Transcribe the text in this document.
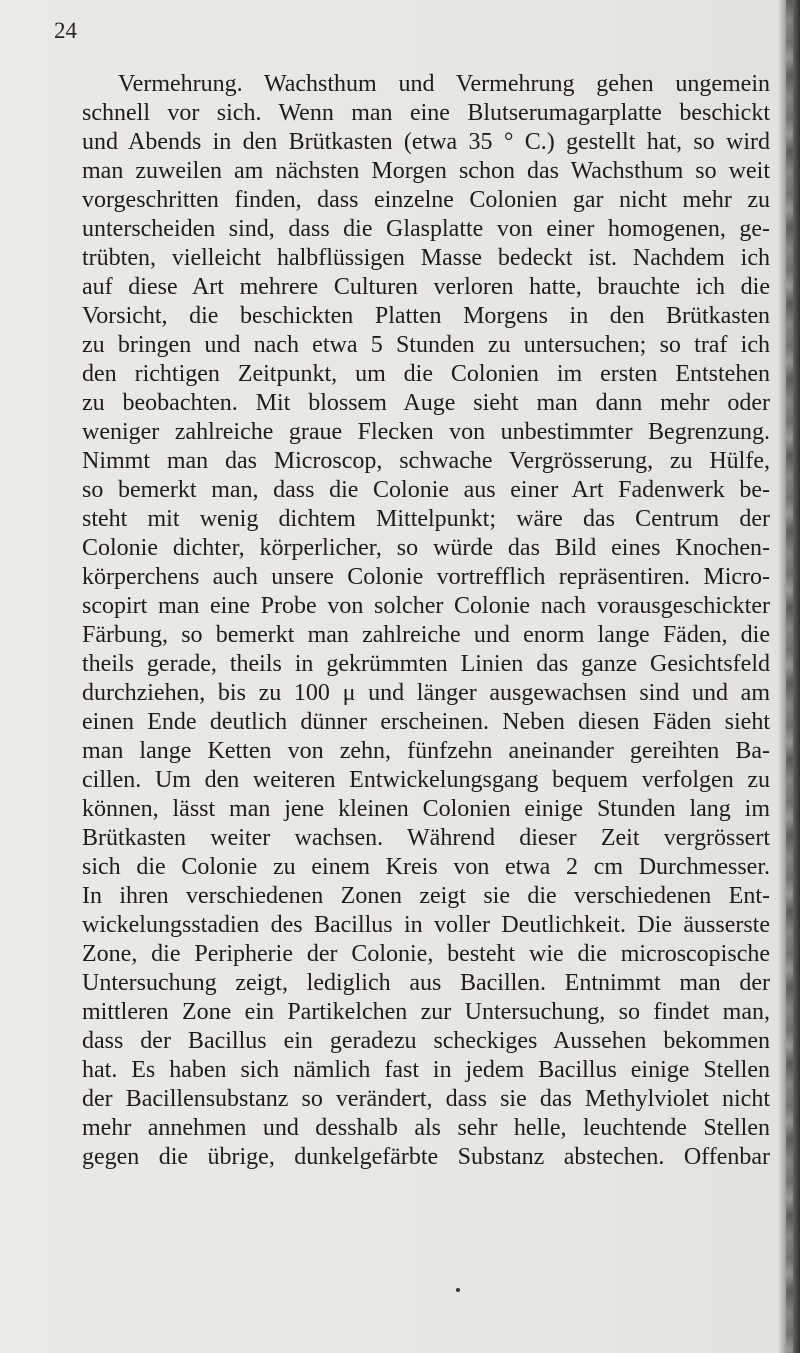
24
Vermehrung. Wachsthum und Vermehrung gehen ungemein
schnell vor sich. Wenn man eine Blutserumagarplatte beschickt
und Abends in den Brütkasten (etwa 35 ° C.) gestellt hat, so wird
man zuweilen am nächsten Morgen schon das Wachsthum so weit
vorgeschritten finden, dass einzelne Colonien gar nicht mehr zu
unterscheiden sind, dass die Glasplatte von einer homogenen, ge-
trübten, vielleicht halbflüssigen Masse bedeckt ist. Nachdem ich
auf diese Art mehrere Culturen verloren hatte, brauchte ich die
Vorsicht, die beschickten Platten Morgens in den Brütkasten
zu bringen und nach etwa 5 Stunden zu untersuchen; so traf ich
den richtigen Zeitpunkt, um die Colonien im ersten Entstehen
zu beobachten. Mit blossem Auge sieht man dann mehr oder
weniger zahlreiche graue Flecken von unbestimmter Begrenzung.
Nimmt man das Microscop, schwache Vergrösserung, zu Hülfe,
so bemerkt man, dass die Colonie aus einer Art Fadenwerk be-
steht mit wenig dichtem Mittelpunkt; wäre das Centrum der
Colonie dichter, körperlicher, so würde das Bild eines Knochen-
körperchens auch unsere Colonie vortrefflich repräsentiren. Micro-
scopirt man eine Probe von solcher Colonie nach vorausgeschickter
Färbung, so bemerkt man zahlreiche und enorm lange Fäden, die
theils gerade, theils in gekrümmten Linien das ganze Gesichtsfeld
durchziehen, bis zu 100 μ und länger ausgewachsen sind und am
einen Ende deutlich dünner erscheinen. Neben diesen Fäden sieht
man lange Ketten von zehn, fünfzehn aneinander gereihten Ba-
cillen. Um den weiteren Entwickelungsgang bequem verfolgen zu
können, lässt man jene kleinen Colonien einige Stunden lang im
Brütkasten weiter wachsen. Während dieser Zeit vergrössert
sich die Colonie zu einem Kreis von etwa 2 cm Durchmesser.
In ihren verschiedenen Zonen zeigt sie die verschiedenen Ent-
wickelungsstadien des Bacillus in voller Deutlichkeit. Die äusserste
Zone, die Peripherie der Colonie, besteht wie die microscopische
Untersuchung zeigt, lediglich aus Bacillen. Entnimmt man der
mittleren Zone ein Partikelchen zur Untersuchung, so findet man,
dass der Bacillus ein geradezu scheckiges Aussehen bekommen
hat. Es haben sich nämlich fast in jedem Bacillus einige Stellen
der Bacillensubstanz so verändert, dass sie das Methylviolet nicht
mehr annehmen und desshalb als sehr helle, leuchtende Stellen
gegen die übrige, dunkelgefärbte Substanz abstechen. Offenbar
